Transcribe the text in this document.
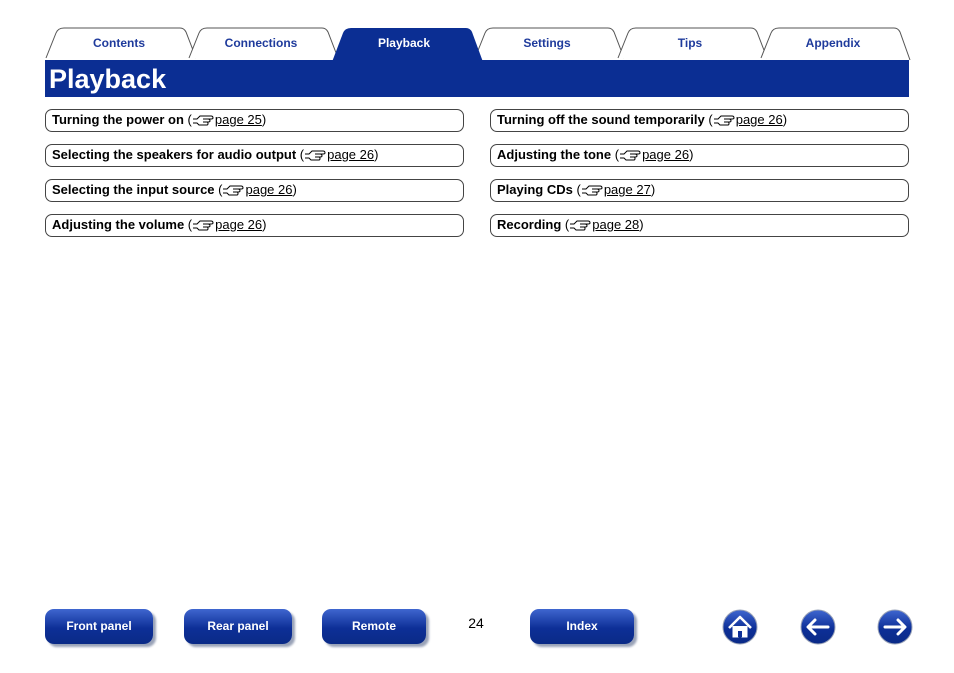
Contents	Connections	Playback	Settings	Tips	Appendix
Playback
Turning the power on ( page 25)
Selecting the speakers for audio output ( page 26)
Selecting the input source ( page 26)
Adjusting the volume ( page 26)
Turning off the sound temporarily ( page 26)
Adjusting the tone ( page 26)
Playing CDs ( page 27)
Recording ( page 28)
Front panel	Rear panel	Remote	24	Index
